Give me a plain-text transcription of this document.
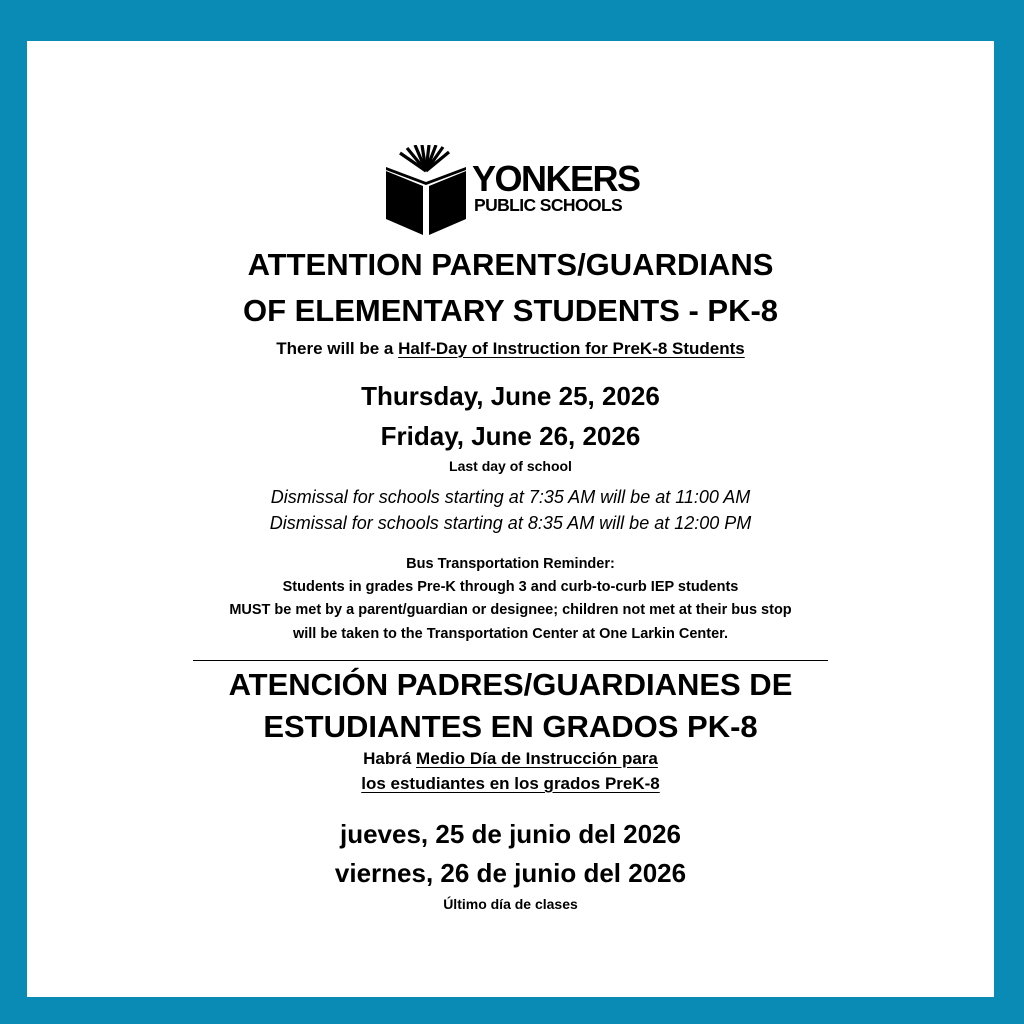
YONKERS
PUBLIC SCHOOLS
ATTENTION PARENTS/GUARDIANS
OF ELEMENTARY STUDENTS - PK-8
There will be a Half-Day of Instruction for PreK-8 Students
Thursday, June 25, 2026
Friday, June 26, 2026
Last day of school
Dismissal for schools starting at 7:35 AM will be at 11:00 AM
Dismissal for schools starting at 8:35 AM will be at 12:00 PM
Bus Transportation Reminder:
Students in grades Pre-K through 3 and curb-to-curb IEP students
MUST be met by a parent/guardian or designee; children not met at their bus stop
will be taken to the Transportation Center at One Larkin Center.
ATENCIÓN PADRES/GUARDIANES DE
ESTUDIANTES EN GRADOS PK-8
Habrá Medio Día de Instrucción para
los estudiantes en los grados PreK-8
jueves, 25 de junio del 2026
viernes, 26 de junio del 2026
Último día de clases
